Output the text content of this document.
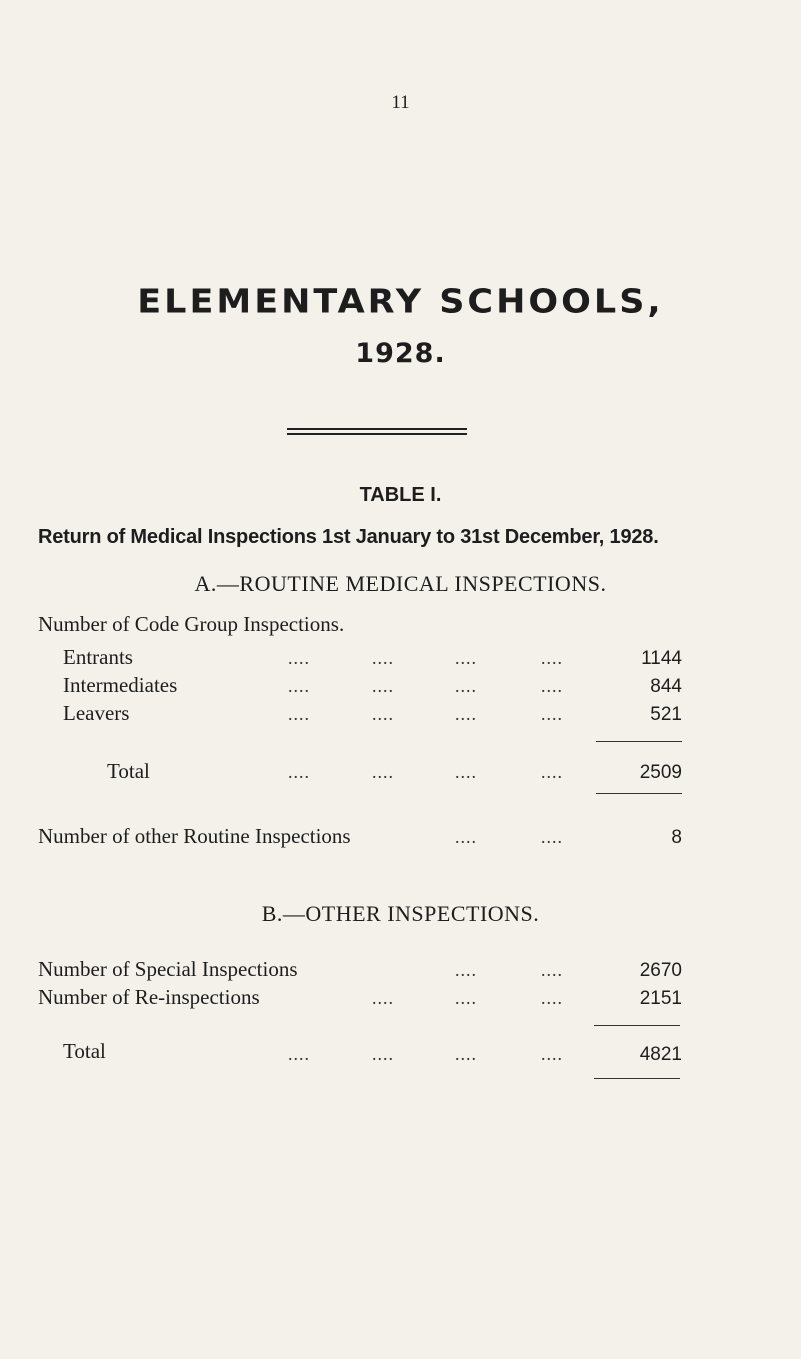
11
ELEMENTARY SCHOOLS,
1928.
TABLE I.
Return of Medical Inspections 1st January to 31st December, 1928.
A.—ROUTINE MEDICAL INSPECTIONS.
Number of Code Group Inspections.
Entrants	....	....	....	....	1144
Intermediates	....	....	....	....	844
Leavers	....	....	....	....	521
Total	....	....	....	....	2509
Number of other Routine Inspections	....	....	8
B.—OTHER INSPECTIONS.
Number of Special Inspections	....	....	2670
Number of Re-inspections	....	....	....	2151
Total	....	....	....	....	4821
